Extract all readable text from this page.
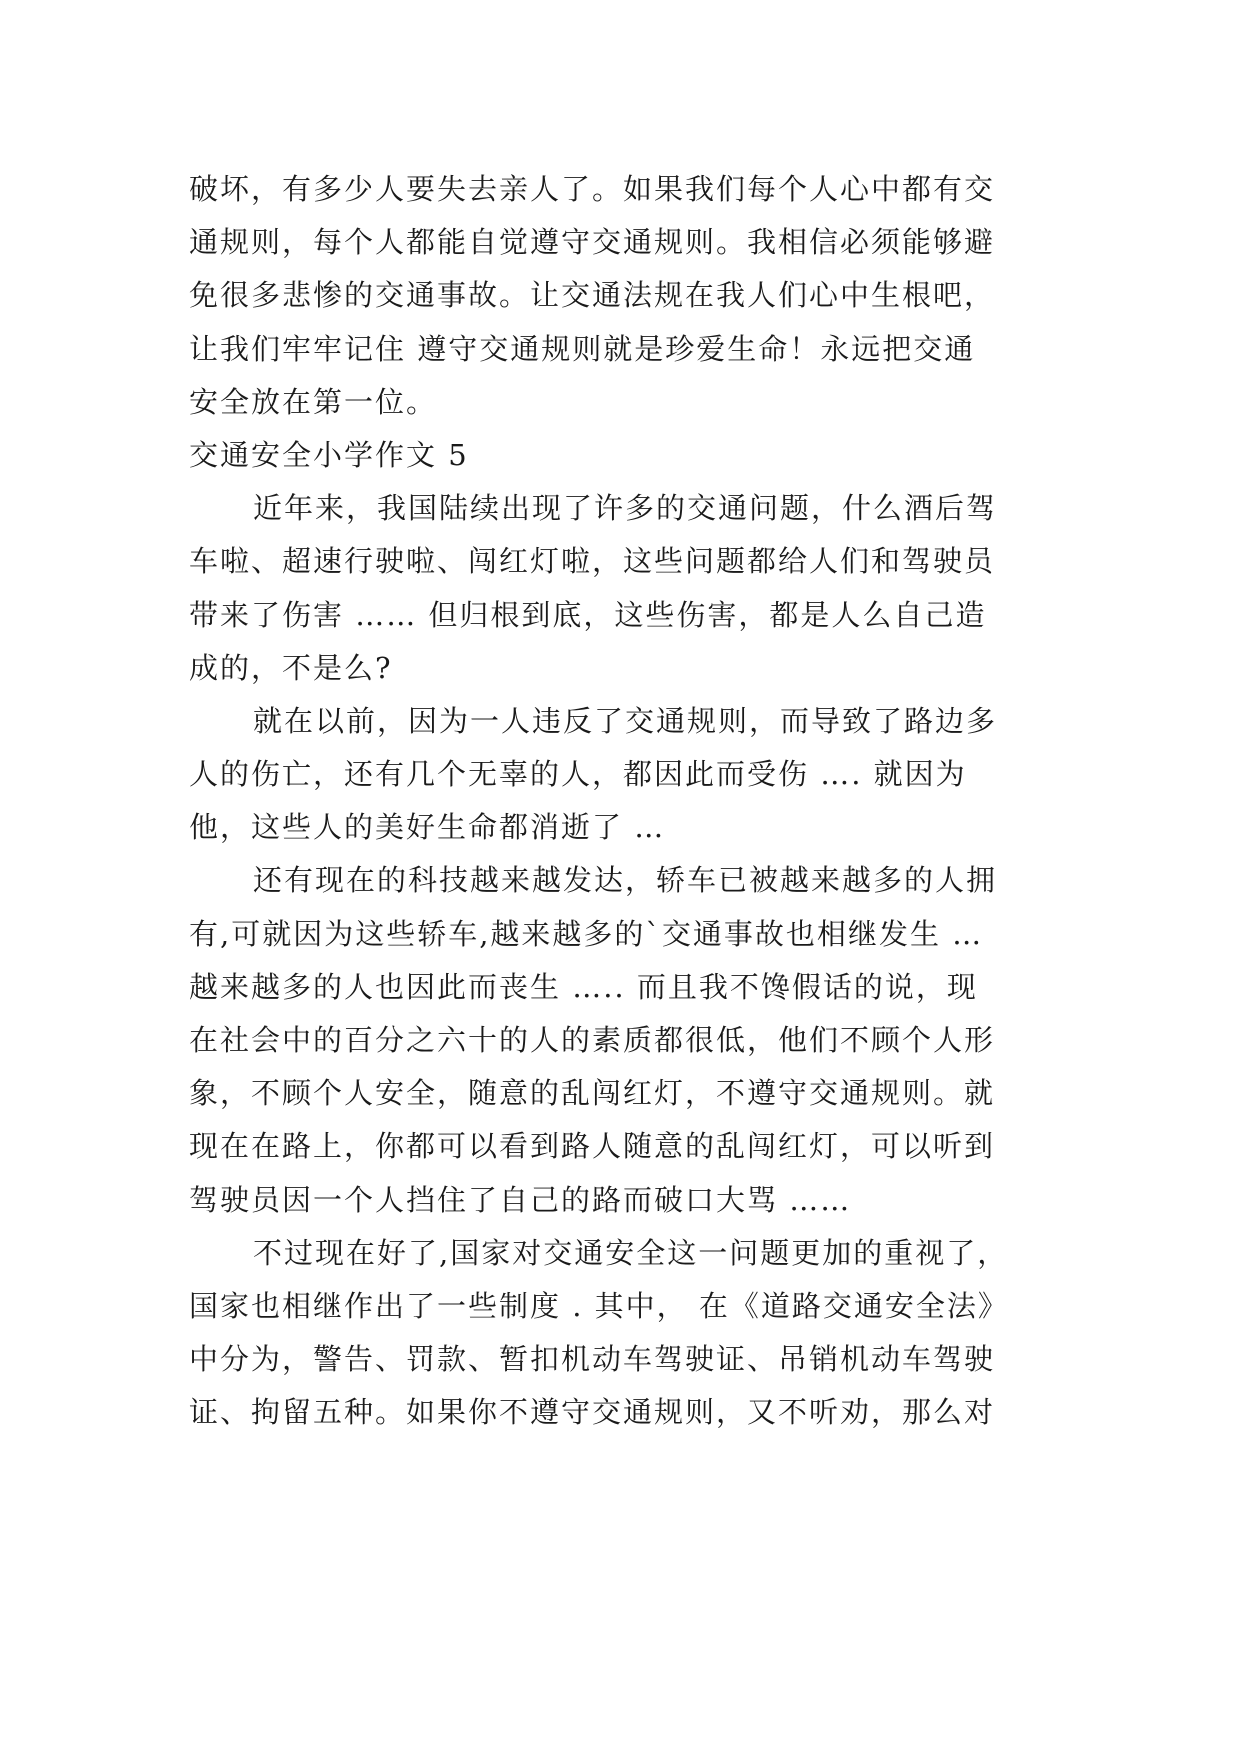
破坏，有多少人要失去亲人了。如果我们每个人心中都有交
通规则，每个人都能自觉遵守交通规则。我相信必须能够避
免很多悲惨的交通事故。让交通法规在我人们心中生根吧，
让我们牢牢记住 遵守交通规则就是珍爱生命！永远把交通
安全放在第一位。
交通安全小学作文 5
近年来，我国陆续出现了许多的交通问题，什么酒后驾
车啦、超速行驶啦、闯红灯啦，这些问题都给人们和驾驶员
带来了伤害 …… 但归根到底，这些伤害，都是人么自己造
成的，不是么?
就在以前，因为一人违反了交通规则，而导致了路边多
人的伤亡，还有几个无辜的人，都因此而受伤 …. 就因为
他，这些人的美好生命都消逝了 …
还有现在的科技越来越发达，轿车已被越来越多的人拥
有,可就因为这些轿车,越来越多的`交通事故也相继发生 …
越来越多的人也因此而丧生 ….. 而且我不馋假话的说，现
在社会中的百分之六十的人的素质都很低，他们不顾个人形
象，不顾个人安全，随意的乱闯红灯，不遵守交通规则。就
现在在路上，你都可以看到路人随意的乱闯红灯，可以听到
驾驶员因一个人挡住了自己的路而破口大骂 ……
不过现在好了,国家对交通安全这一问题更加的重视了，
国家也相继作出了一些制度 . 其中， 在《道路交通安全法》
中分为，警告、罚款、暂扣机动车驾驶证、吊销机动车驾驶
证、拘留五种。如果你不遵守交通规则，又不听劝，那么对
